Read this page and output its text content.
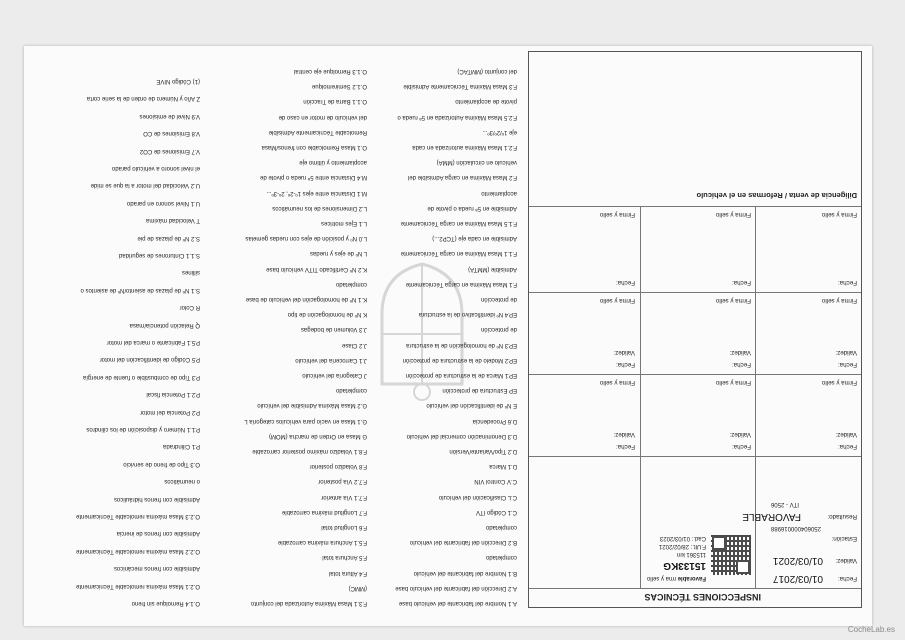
INSPECCIONES TÉCNICAS
Fecha:
01/03/2017
Validez:
01/03/2021
Estación:
Resultado:
FAVORABLE
ITV - 2506
250604000016988
Favorable
15133KG
115361 km
F.Ult.: 28/02/2021
Cad.: 01/03/2023
rma y sello
Fecha:
Validez:
Firma y sello
Fecha:
Validez:
Firma y sello
Fecha:
Validez:
Firma y sello
Fecha:
Validez:
Firma y sello
Fecha:
Validez:
Firma y sello
Fecha:
Validez:
Firma y sello
Fecha:
Firma y sello
Fecha:
Firma y sello
Fecha:
Firma y sello
Diligencia de venta / Reformas en el vehículo
O.1.4 Remolque sin freno
O.2.1 Masa máxima remolcable Técnicamente
Admisible con frenos mecánicos
O.2.2 Masa máxima remolcable Técnicamente
Admisible con frenos de inercia
O.2.3 Masa máxima remolcable Técnicamente
Admisible con frenos hidráulicos
o neumáticos
O.3 Tipo de freno de servicio
P.1 Cilindrada
P.1.1 Número y disposición de los cilindros
P.2 Potencia del motor
P.2.1 Potencia fiscal
P.3 Tipo de combustible o fuente de energía
P.5 Código de identificación del motor
P.5.1 Fabricante o marca del motor
Q Relación potencia/masa
R Color
S.1 Nº de plazas de asiento/Nº de asientos o
sillines
S.1.1 Cinturones de seguridad
S.2 Nº de plazas de pie
T Velocidad máxima
U.1 Nivel sonoro en parado
U.2 Velocidad del motor a la que se mide
el nivel sonoro a vehículo parado
V.7 Emisiones de CO2
V.8 Emisiones de CO
V.9 Nivel de emisiones
Z Año y Número de orden de la serie corta
(1) Código NIVE
F.3.1 Masa Máxima Autorizada del conjunto
(MMC)
F.4 Altura total
F.5 Anchura total
F.5.1 Anchura máxima carrozable
F.6 Longitud total
F.7 Longitud máxima carrozable
F.7.1 Vía anterior
F.7.2 Vía posterior
F.8 Voladizo posterior
F.8.1 Voladizo máximo posterior carrozable
G Masa en Orden de marcha (MOM)
G.1 Masa en vacío para vehículos categoría L
G.2 Masa Máxima Admisible del vehículo
completado
J Categoría del vehículo
J.1 Carrocería del vehículo
J.2 Clase
J.3 Volumen de bodegas
K Nº de homologación de tipo
K.1 Nº de homologación del vehículo de base
completado
K.2 Nº Certificado TITV vehículo base
L Nº de ejes y ruedas
L.0 Nº y posición de ejes con ruedas gemelas
L.1 Ejes motrices
L.2 Dimensiones de los neumáticos
M.1 Distancia entre ejes 1º-2º, 2º-3º...
M.4 Distancia entre 5ª rueda o pivote de
acoplamiento y último eje
O.1 Masa Remolcable con frenos/Masa
Remolcable Técnicamente Admisible
del vehículo de motor en caso de
O.1.1 Barra de Tracción
O.1.2 Semiremolque
O.1.3 Remolque eje central
A.1 Nombre del fabricante del vehículo base
A.2 Dirección del fabricante del vehículo base
B.1 Nombre del fabricante del vehículo
completado
B.2 Dirección del fabricante del vehículo
completado
C.1 Código ITV
C.L Clasificación del vehículo
C.V Control VIN
D.1 Marca
D.2 Tipo/Variante/Versión
D.3 Denominación comercial del vehículo
D.6 Procedencia
E Nº de identificación del vehículo
EP Estructura de protección
EP.1 Marca de la estructura de protección
EP.2 Modelo de la estructura de protección
EP.3 Nº de homologación de la estructura
de protección
EP.4 Nº identificativo de la estructura
de protección
F.1 Masa Máxima en carga Técnicamente
Admisible (MMTA)
F.1.1 Masa Máxima en carga Técnicamente
Admisible en cada eje (TCP2...)
F.1.5 Masa Máxima en carga Técnicamente
Admisible en 5ª rueda o pivote de
acoplamiento
F.2 Masa Máxima en carga Admisible del
vehículo en circulación (MMA)
F.2.1 Masa Máxima autorizada en cada
eje 1º/2º/3º...
F.2.5 Masa Máxima Autorizada en 5ª rueda o
pivote de acoplamiento
F.3 Masa Máxima Técnicamente Admisible
del conjunto (MMTAC)
CocheLab.es
